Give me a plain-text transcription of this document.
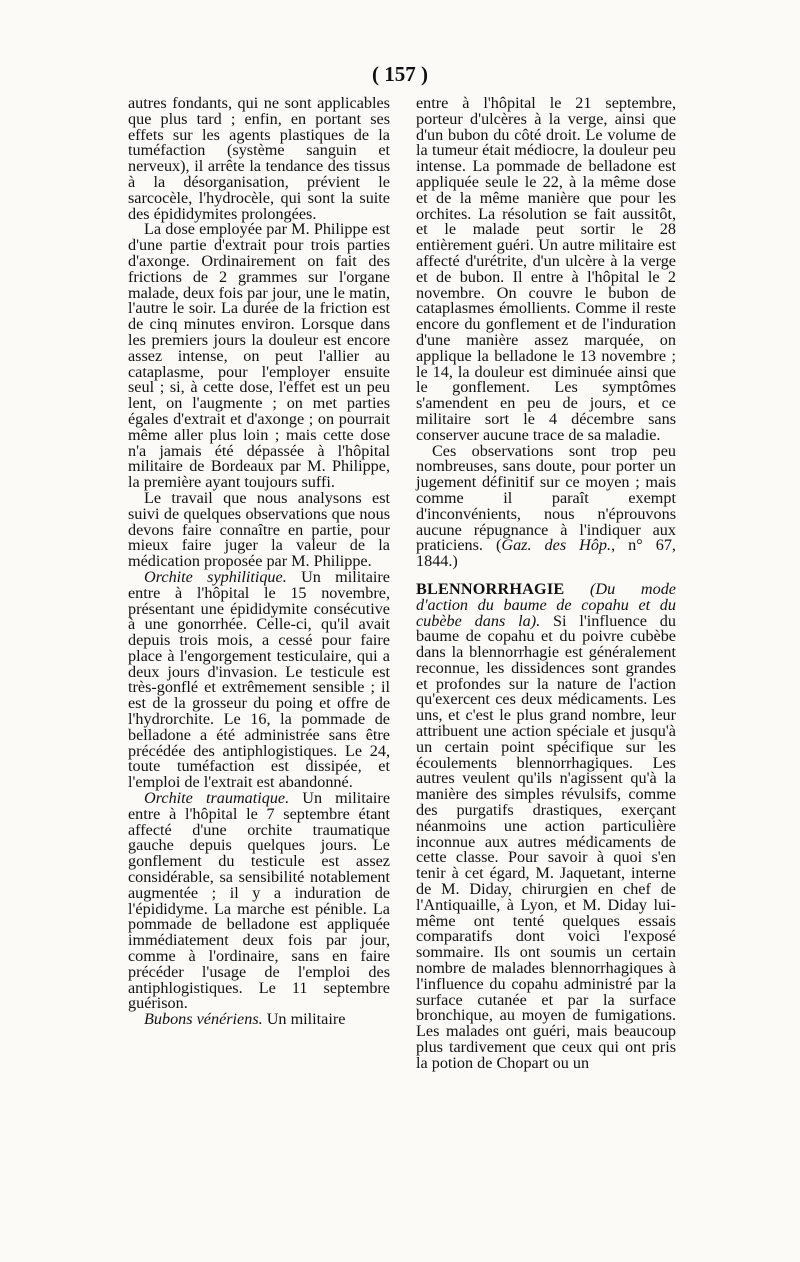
( 157 )

autres fondants, qui ne sont applicables que plus tard ; enfin, en portant ses effets sur les agents plastiques de la tuméfaction (système sanguin et nerveux), il arrête la tendance des tissus à la désorganisation, prévient le sarcocèle, l'hydrocèle, qui sont la suite des épididymites prolongées.

La dose employée par M. Philippe est d'une partie d'extrait pour trois parties d'axonge. Ordinairement on fait des frictions de 2 grammes sur l'organe malade, deux fois par jour, une le matin, l'autre le soir. La durée de la friction est de cinq minutes environ. Lorsque dans les premiers jours la douleur est encore assez intense, on peut l'allier au cataplasme, pour l'employer ensuite seul ; si, à cette dose, l'effet est un peu lent, on l'augmente ; on met parties égales d'extrait et d'axonge ; on pourrait même aller plus loin ; mais cette dose n'a jamais été dépassée à l'hôpital militaire de Bordeaux par M. Philippe, la première ayant toujours suffi.

Le travail que nous analysons est suivi de quelques observations que nous devons faire connaître en partie, pour mieux faire juger la valeur de la médication proposée par M. Philippe.

Orchite syphilitique. Un militaire entre à l'hôpital le 15 novembre, présentant une épididymite consécutive à une gonorrhée. Celle-ci, qu'il avait depuis trois mois, a cessé pour faire place à l'engorgement testiculaire, qui a deux jours d'invasion. Le testicule est très-gonflé et extrêmement sensible ; il est de la grosseur du poing et offre de l'hydrorchite. Le 16, la pommade de belladone a été administrée sans être précédée des antiphlogistiques. Le 24, toute tuméfaction est dissipée, et l'emploi de l'extrait est abandonné.

Orchite traumatique. Un militaire entre à l'hôpital le 7 septembre étant affecté d'une orchite traumatique gauche depuis quelques jours. Le gonflement du testicule est assez considérable, sa sensibilité notablement augmentée ; il y a induration de l'épididyme. La marche est pénible. La pommade de belladone est appliquée immédiatement deux fois par jour, comme à l'ordinaire, sans en faire précéder l'usage de l'emploi des antiphlogistiques. Le 11 septembre guérison.

Bubons vénériens. Un militaire

entre à l'hôpital le 21 septembre, porteur d'ulcères à la verge, ainsi que d'un bubon du côté droit. Le volume de la tumeur était médiocre, la douleur peu intense. La pommade de belladone est appliquée seule le 22, à la même dose et de la même manière que pour les orchites. La résolution se fait aussitôt, et le malade peut sortir le 28 entièrement guéri. Un autre militaire est affecté d'urétrite, d'un ulcère à la verge et de bubon. Il entre à l'hôpital le 2 novembre. On couvre le bubon de cataplasmes émollients. Comme il reste encore du gonflement et de l'induration d'une manière assez marquée, on applique la belladone le 13 novembre ; le 14, la douleur est diminuée ainsi que le gonflement. Les symptômes s'amendent en peu de jours, et ce militaire sort le 4 décembre sans conserver aucune trace de sa maladie.

Ces observations sont trop peu nombreuses, sans doute, pour porter un jugement définitif sur ce moyen ; mais comme il paraît exempt d'inconvénients, nous n'éprouvons aucune répugnance à l'indiquer aux praticiens. (Gaz. des Hôp., n° 67, 1844.)

BLENNORRHAGIE (Du mode d'action du baume de copahu et du cubèbe dans la). Si l'influence du baume de copahu et du poivre cubèbe dans la blennorrhagie est généralement reconnue, les dissidences sont grandes et profondes sur la nature de l'action qu'exercent ces deux médicaments. Les uns, et c'est le plus grand nombre, leur attribuent une action spéciale et jusqu'à un certain point spécifique sur les écoulements blennorrhagiques. Les autres veulent qu'ils n'agissent qu'à la manière des simples révulsifs, comme des purgatifs drastiques, exerçant néanmoins une action particulière inconnue aux autres médicaments de cette classe. Pour savoir à quoi s'en tenir à cet égard, M. Jaquetant, interne de M. Diday, chirurgien en chef de l'Antiquaille, à Lyon, et M. Diday lui-même ont tenté quelques essais comparatifs dont voici l'exposé sommaire. Ils ont soumis un certain nombre de malades blennorrhagiques à l'influence du copahu administré par la surface cutanée et par la surface bronchique, au moyen de fumigations. Les malades ont guéri, mais beaucoup plus tardivement que ceux qui ont pris la potion de Chopart ou un
